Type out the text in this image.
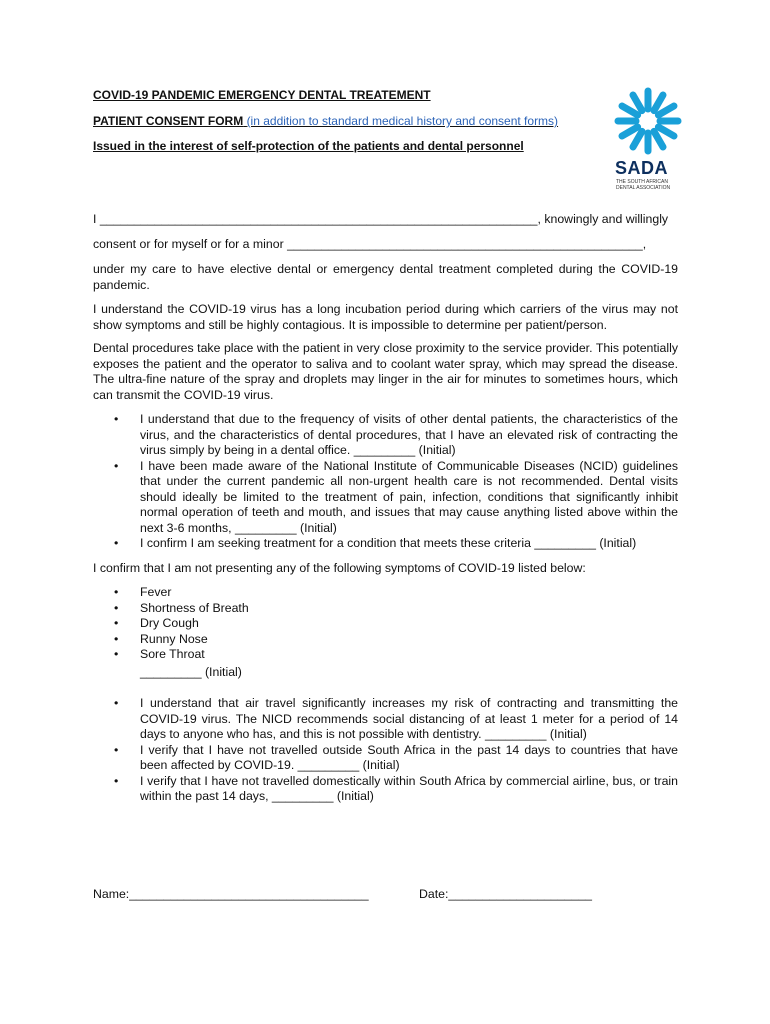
COVID-19 PANDEMIC EMERGENCY DENTAL TREATEMENT
PATIENT CONSENT FORM (in addition to standard medical history and consent forms)
Issued in the interest of self-protection of the patients and dental personnel
SADA
THE SOUTH AFRICAN
DENTAL ASSOCIATION
I ________________________________________________________________, knowingly and willingly
consent or for myself or for a minor ____________________________________________________,
under my care to have elective dental or emergency dental treatment completed during the COVID-19 pandemic.
I understand the COVID-19 virus has a long incubation period during which carriers of the virus may not show symptoms and still be highly contagious. It is impossible to determine per patient/person.
Dental procedures take place with the patient in very close proximity to the service provider. This potentially exposes the patient and the operator to saliva and to coolant water spray, which may spread the disease. The ultra-fine nature of the spray and droplets may linger in the air for minutes to sometimes hours, which can transmit the COVID-19 virus.
• I understand that due to the frequency of visits of other dental patients, the characteristics of the virus, and the characteristics of dental procedures, that I have an elevated risk of contracting the virus simply by being in a dental office. _________ (Initial)
• I have been made aware of the National Institute of Communicable Diseases (NCID) guidelines that under the current pandemic all non-urgent health care is not recommended. Dental visits should ideally be limited to the treatment of pain, infection, conditions that significantly inhibit normal operation of teeth and mouth, and issues that may cause anything listed above within the next 3-6 months, _________ (Initial)
• I confirm I am seeking treatment for a condition that meets these criteria _________ (Initial)
I confirm that I am not presenting any of the following symptoms of COVID-19 listed below:
• Fever
• Shortness of Breath
• Dry Cough
• Runny Nose
• Sore Throat
_________ (Initial)
• I understand that air travel significantly increases my risk of contracting and transmitting the COVID-19 virus. The NICD recommends social distancing of at least 1 meter for a period of 14 days to anyone who has, and this is not possible with dentistry. _________ (Initial)
• I verify that I have not travelled outside South Africa in the past 14 days to countries that have been affected by COVID-19. _________ (Initial)
• I verify that I have not travelled domestically within South Africa by commercial airline, bus, or train within the past 14 days, _________ (Initial)
Name:___________________________________	Date:_____________________
